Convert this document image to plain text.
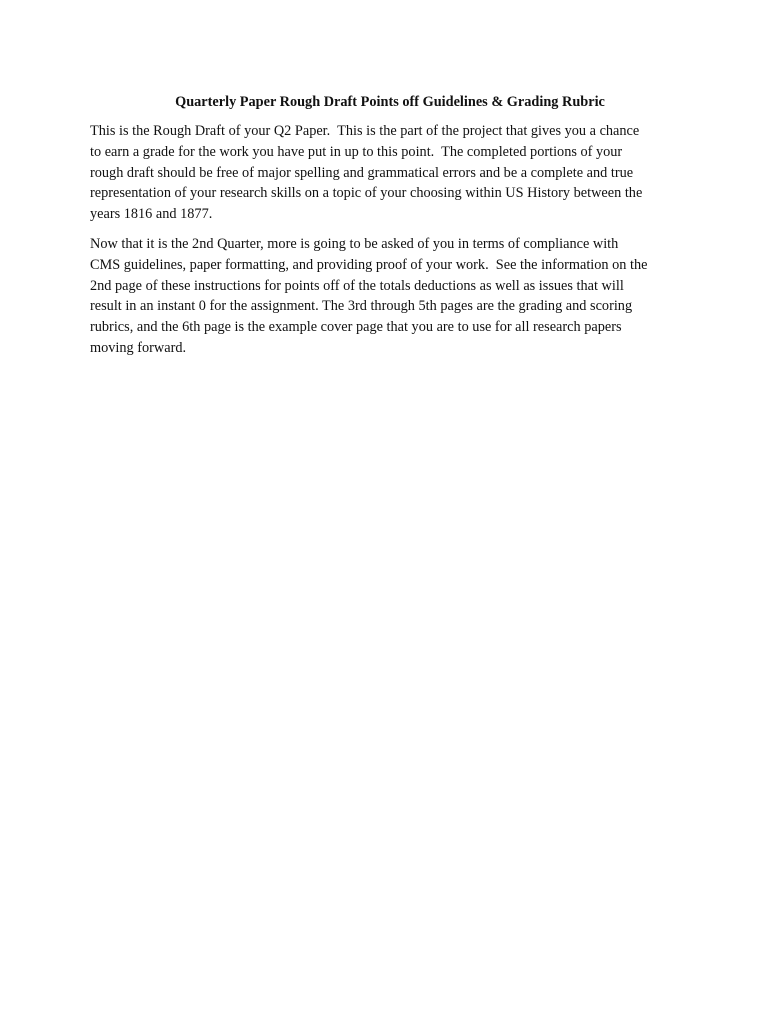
Quarterly Paper Rough Draft Points off Guidelines & Grading Rubric

This is the Rough Draft of your Q2 Paper.  This is the part of the project that gives you a chance
to earn a grade for the work you have put in up to this point.  The completed portions of your
rough draft should be free of major spelling and grammatical errors and be a complete and true
representation of your research skills on a topic of your choosing within US History between the
years 1816 and 1877.

Now that it is the 2nd Quarter, more is going to be asked of you in terms of compliance with
CMS guidelines, paper formatting, and providing proof of your work.  See the information on the
2nd page of these instructions for points off of the totals deductions as well as issues that will
result in an instant 0 for the assignment. The 3rd through 5th pages are the grading and scoring
rubrics, and the 6th page is the example cover page that you are to use for all research papers
moving forward.
